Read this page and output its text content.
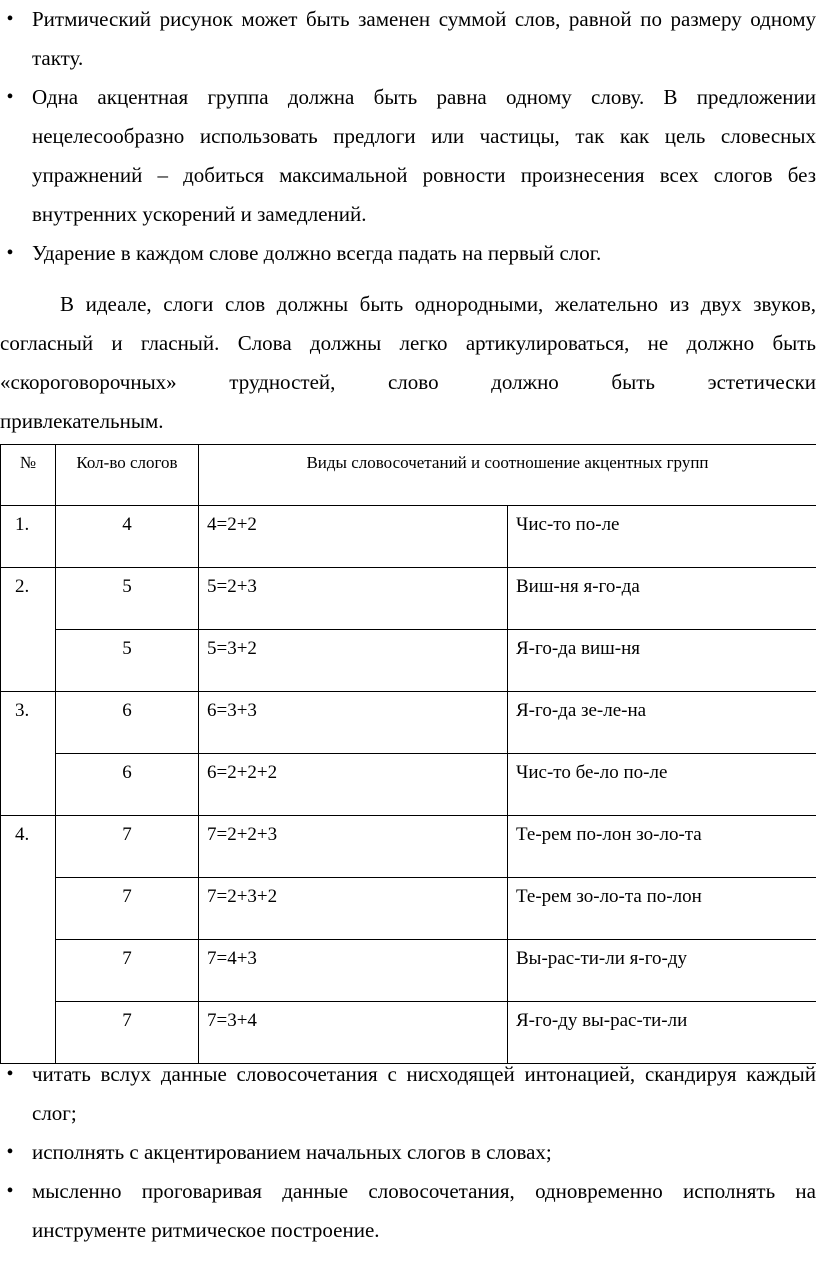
• Ритмический рисунок может быть заменен суммой слов, равной по размеру одному такту.
• Одна акцентная группа должна быть равна одному слову. В предложении нецелесообразно использовать предлоги или частицы, так как цель словесных упражнений – добиться максимальной ровности произнесения всех слогов без внутренних ускорений и замедлений.
• Ударение в каждом слове должно всегда падать на первый слог.

В идеале, слоги слов должны быть однородными, желательно из двух звуков,
согласный и гласный. Слова должны легко артикулироваться, не должно быть
«скороговорочных» трудностей, слово должно быть эстетически
привлекательным.

№	Кол-во слогов	Виды словосочетаний и соотношение акцентных групп	
1.	4	4=2+2	Чис-то по-ле
2.	5	5=2+3	Виш-ня я-го-да
	5	5=3+2	Я-го-да виш-ня
3.	6	6=3+3	Я-го-да зе-ле-на
	6	6=2+2+2	Чис-то бе-ло по-ле
4.	7	7=2+2+3	Те-рем по-лон зо-ло-та
	7	7=2+3+2	Те-рем зо-ло-та по-лон
	7	7=4+3	Вы-рас-ти-ли я-го-ду
	7	7=3+4	Я-го-ду вы-рас-ти-ли
• читать вслух данные словосочетания с нисходящей интонацией, скандируя каждый слог;
• исполнять с акцентированием начальных слогов в словах;
• мысленно проговаривая данные словосочетания, одновременно исполнять на инструменте ритмическое построение.
